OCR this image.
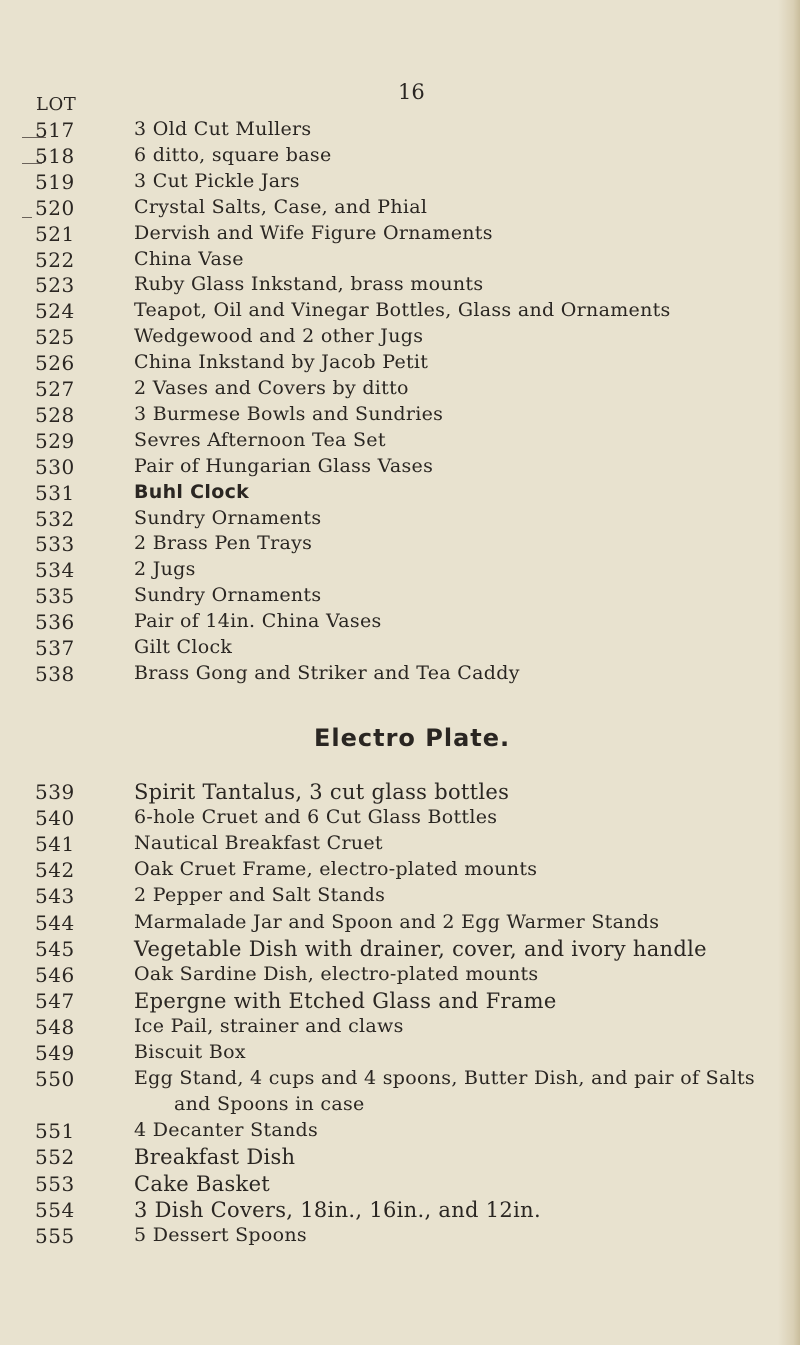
16
LOT
517	3 Old Cut Mullers
518	6 ditto, square base
519	3 Cut Pickle Jars
520	Crystal Salts, Case, and Phial
521	Dervish and Wife Figure Ornaments
522	China Vase
523	Ruby Glass Inkstand, brass mounts
524	Teapot, Oil and Vinegar Bottles, Glass and Ornaments
525	Wedgewood and 2 other Jugs
526	China Inkstand by Jacob Petit
527	2 Vases and Covers by ditto
528	3 Burmese Bowls and Sundries
529	Sevres Afternoon Tea Set
530	Pair of Hungarian Glass Vases
531	Buhl Clock
532	Sundry Ornaments
533	2 Brass Pen Trays
534	2 Jugs
535	Sundry Ornaments
536	Pair of 14in. China Vases
537	Gilt Clock
538	Brass Gong and Striker and Tea Caddy
Electro Plate.
539	Spirit Tantalus, 3 cut glass bottles
540	6-hole Cruet and 6 Cut Glass Bottles
541	Nautical Breakfast Cruet
542	Oak Cruet Frame, electro-plated mounts
543	2 Pepper and Salt Stands
544	Marmalade Jar and Spoon and 2 Egg Warmer Stands
545	Vegetable Dish with drainer, cover, and ivory handle
546	Oak Sardine Dish, electro-plated mounts
547	Epergne with Etched Glass and Frame
548	Ice Pail, strainer and claws
549	Biscuit Box
550	Egg Stand, 4 cups and 4 spoons, Butter Dish, and pair of Salts
and Spoons in case
551	4 Decanter Stands
552	Breakfast Dish
553	Cake Basket
554	3 Dish Covers, 18in., 16in., and 12in.
555	5 Dessert Spoons
